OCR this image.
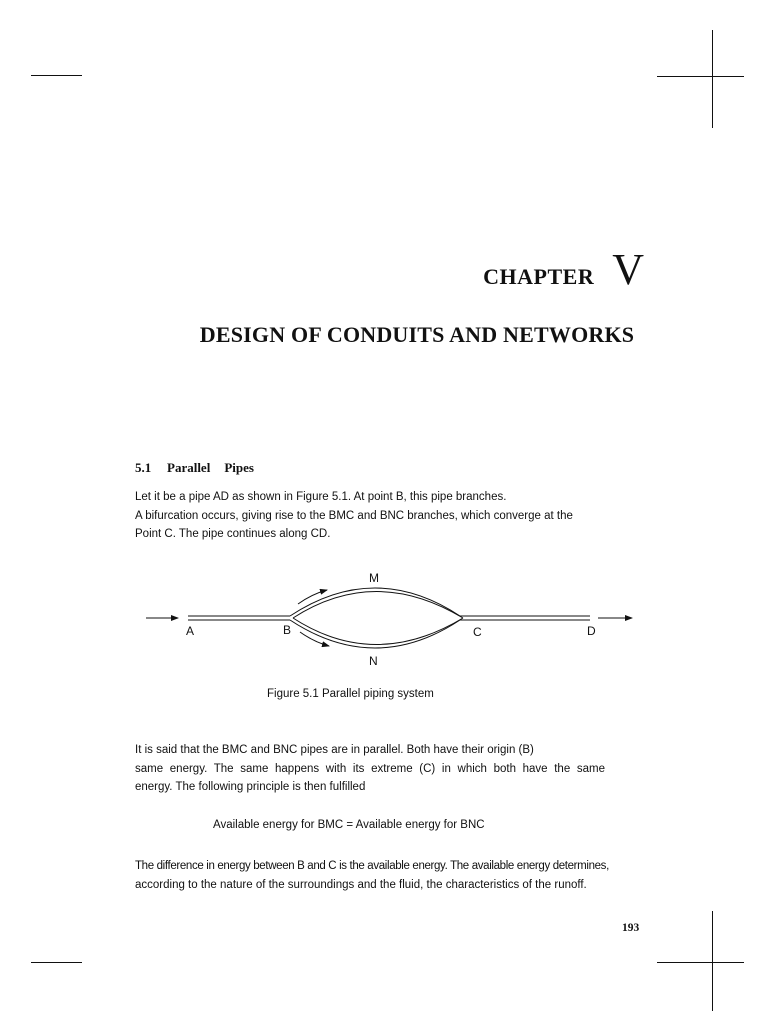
CHAPTER V
DESIGN OF CONDUITS AND NETWORKS
5.1 Parallel Pipes
Let it be a pipe AD as shown in Figure 5.1. At point B, this pipe branches.
A bifurcation occurs, giving rise to the BMC and BNC branches, which converge at the
Point C. The pipe continues along CD.
A	B
M
N
C	D
Figure 5.1 Parallel piping system
It is said that the BMC and BNC pipes are in parallel. Both have their origin (B)
same energy. The same happens with its extreme (C) in which both have the same
energy. The following principle is then fulfilled
Available energy for BMC = Available energy for BNC
The difference in energy between B and C is the available energy. The available energy determines,
according to the nature of the surroundings and the fluid, the characteristics of the runoff.
193
